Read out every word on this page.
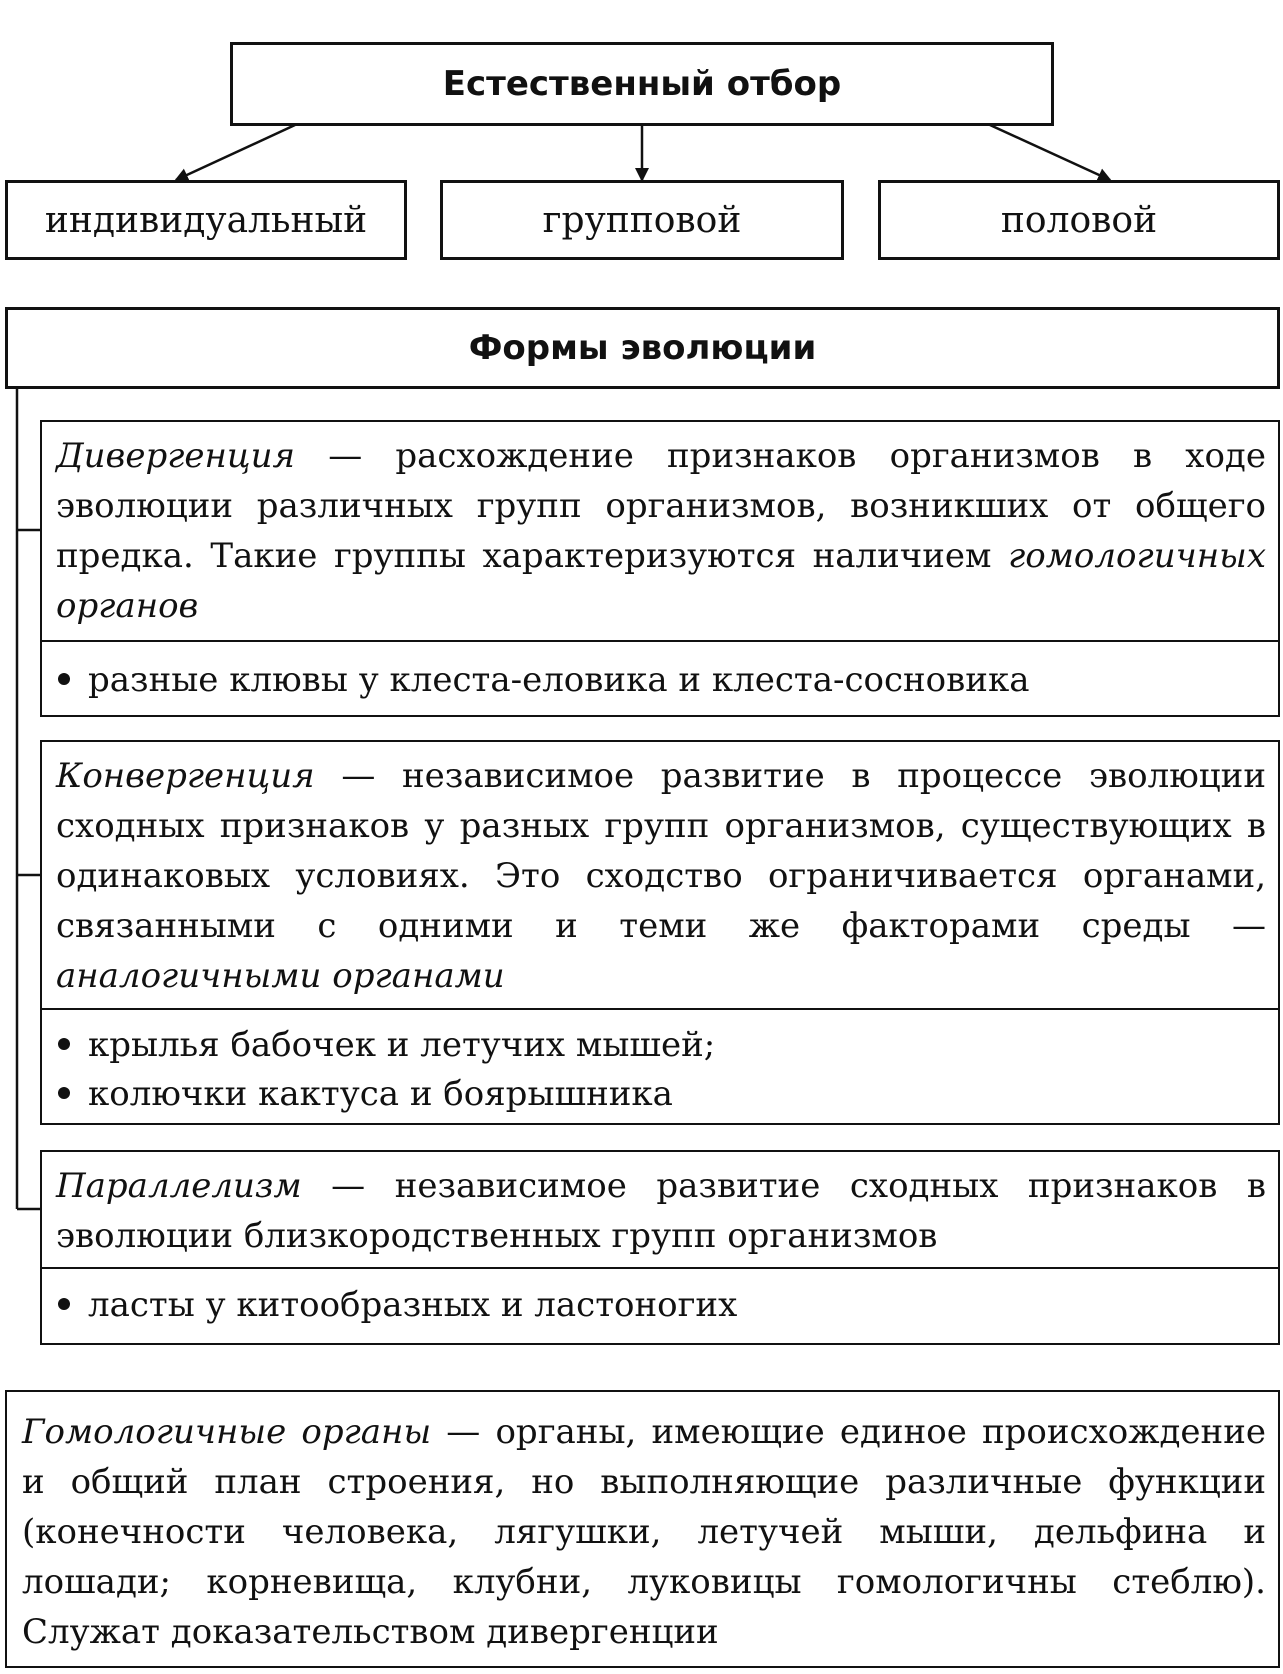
Естественный отбор
индивидуальный	групповой	половой
Формы эволюции
Дивергенция — расхождение признаков организмов в ходе эволюции различных групп организмов, возникших от общего предка. Такие группы характеризуются наличием гомологичных органов
разные клювы у клеста-еловика и клеста-сосновика
Конвергенция — независимое развитие в процессе эволюции сходных признаков у разных групп организмов, существующих в одинаковых условиях. Это сходство ограничивается органами, связанными с одними и теми же факторами среды — аналогичными органами
крылья бабочек и летучих мышей;
колючки кактуса и боярышника
Параллелизм — независимое развитие сходных признаков в эволюции близкородственных групп организмов
ласты у китообразных и ластоногих
Гомологичные органы — органы, имеющие единое происхождение и общий план строения, но выполняющие различные функции (конечности человека, лягушки, летучей мыши, дельфина и лошади; корневища, клубни, луковицы гомологичны стеблю). Служат доказательством дивергенции
